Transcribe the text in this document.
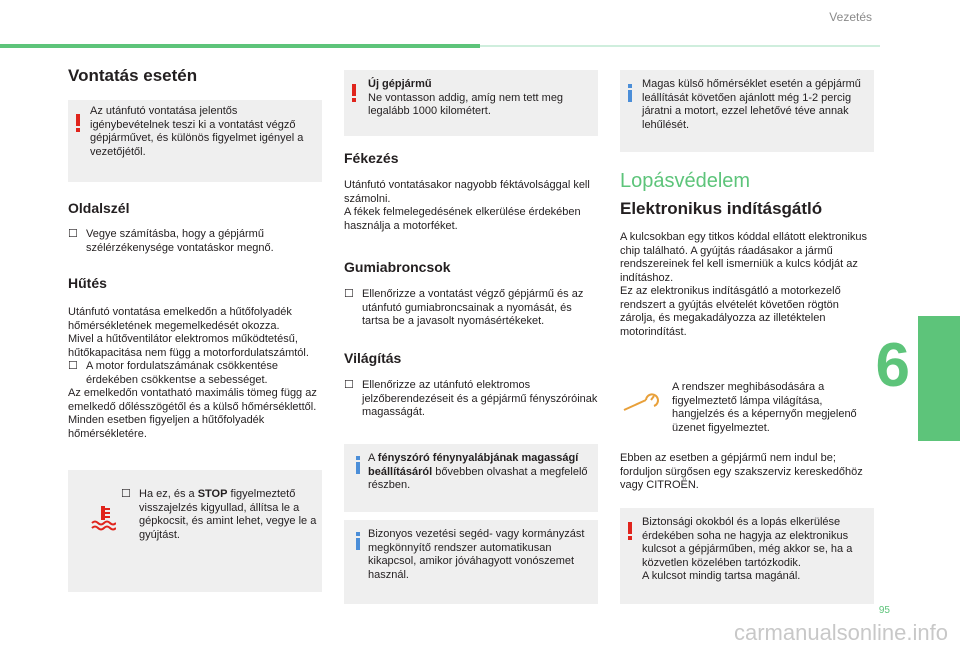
Vezetés
6
95
carmanualsonline.info
Vontatás esetén

Az utánfutó vontatása jelentős igénybevételnek teszi ki a vontatást végző gépjárművet, és különös figyelmet igényel a vezetőjétől.

Oldalszél
☐ Vegye számításba, hogy a gépjármű szélérzékenysége vontatáskor megnő.
Hűtés

Utánfutó vontatása emelkedőn a hűtőfolyadék hőmérsékletének megemelkedését okozza.

Mivel a hűtőventilátor elektromos működtetésű, hűtőkapacitása nem függ a motorfordulatszámtól.

☐ A motor fordulatszámának csökkentése érdekében csökkentse a sebességet.

Az emelkedőn vontatható maximális tömeg függ az emelkedő dőlésszögétől és a külső hőmérséklettől.

Minden esetben figyeljen a hűtőfolyadék hőmérsékletére.

☐ Ha ez, és a STOP figyelmeztető visszajelzés kigyullad, állítsa le a gépkocsit, és amint lehet, vegye le a gyújtást.

Új gépjármű
Ne vontasson addig, amíg nem tett meg legalább 1000 kilométert.

Fékezés

Utánfutó vontatásakor nagyobb féktávolsággal kell számolni.

A fékek felmelegedésének elkerülése érdekében használja a motorféket.

Gumiabroncsok
☐ Ellenőrizze a vontatást végző gépjármű és az utánfutó gumiabroncsainak a nyomását, és tartsa be a javasolt nyomásértékeket.
Világítás
☐ Ellenőrizze az utánfutó elektromos jelzőberendezéseit és a gépjármű fényszóróinak magasságát.

A fényszóró fénynyalábjának magasságí beállításáról bővebben olvashat a megfelelő részben.

Bizonyos vezetési segéd- vagy kormányzást megkönnyítő rendszer automatikusan kikapcsol, amikor jóváhagyott vonószemet használ.

Magas külső hőmérséklet esetén a gépjármű leállítását követően ajánlott még 1-2 percig járatni a motort, ezzel lehetővé téve annak lehűlését.

Lopásvédelem
Elektronikus indításgátló

A kulcsokban egy titkos kóddal ellátott elektronikus chip található. A gyújtás ráadásakor a jármű rendszereinek fel kell ismerniük a kulcs kódját az indításhoz.

Ez az elektronikus indításgátló a motorkezelő rendszert a gyújtás elvételét követően rögtön zárolja, és megakadályozza az illetéktelen motorindítást.

A rendszer meghibásodására a figyelmeztető lámpa világítása, hangjelzés és a képernyőn megjelenő üzenet figyelmeztet.

Ebben az esetben a gépjármű nem indul be; forduljon sürgősen egy szakszerviz kereskedőhöz vagy CITROËN.

Biztonsági okokból és a lopás elkerülése érdekében soha ne hagyja az elektronikus kulcsot a gépjárműben, még akkor se, ha a közvetlen közelében tartózkodik.
A kulcsot mindig tartsa magánál.
